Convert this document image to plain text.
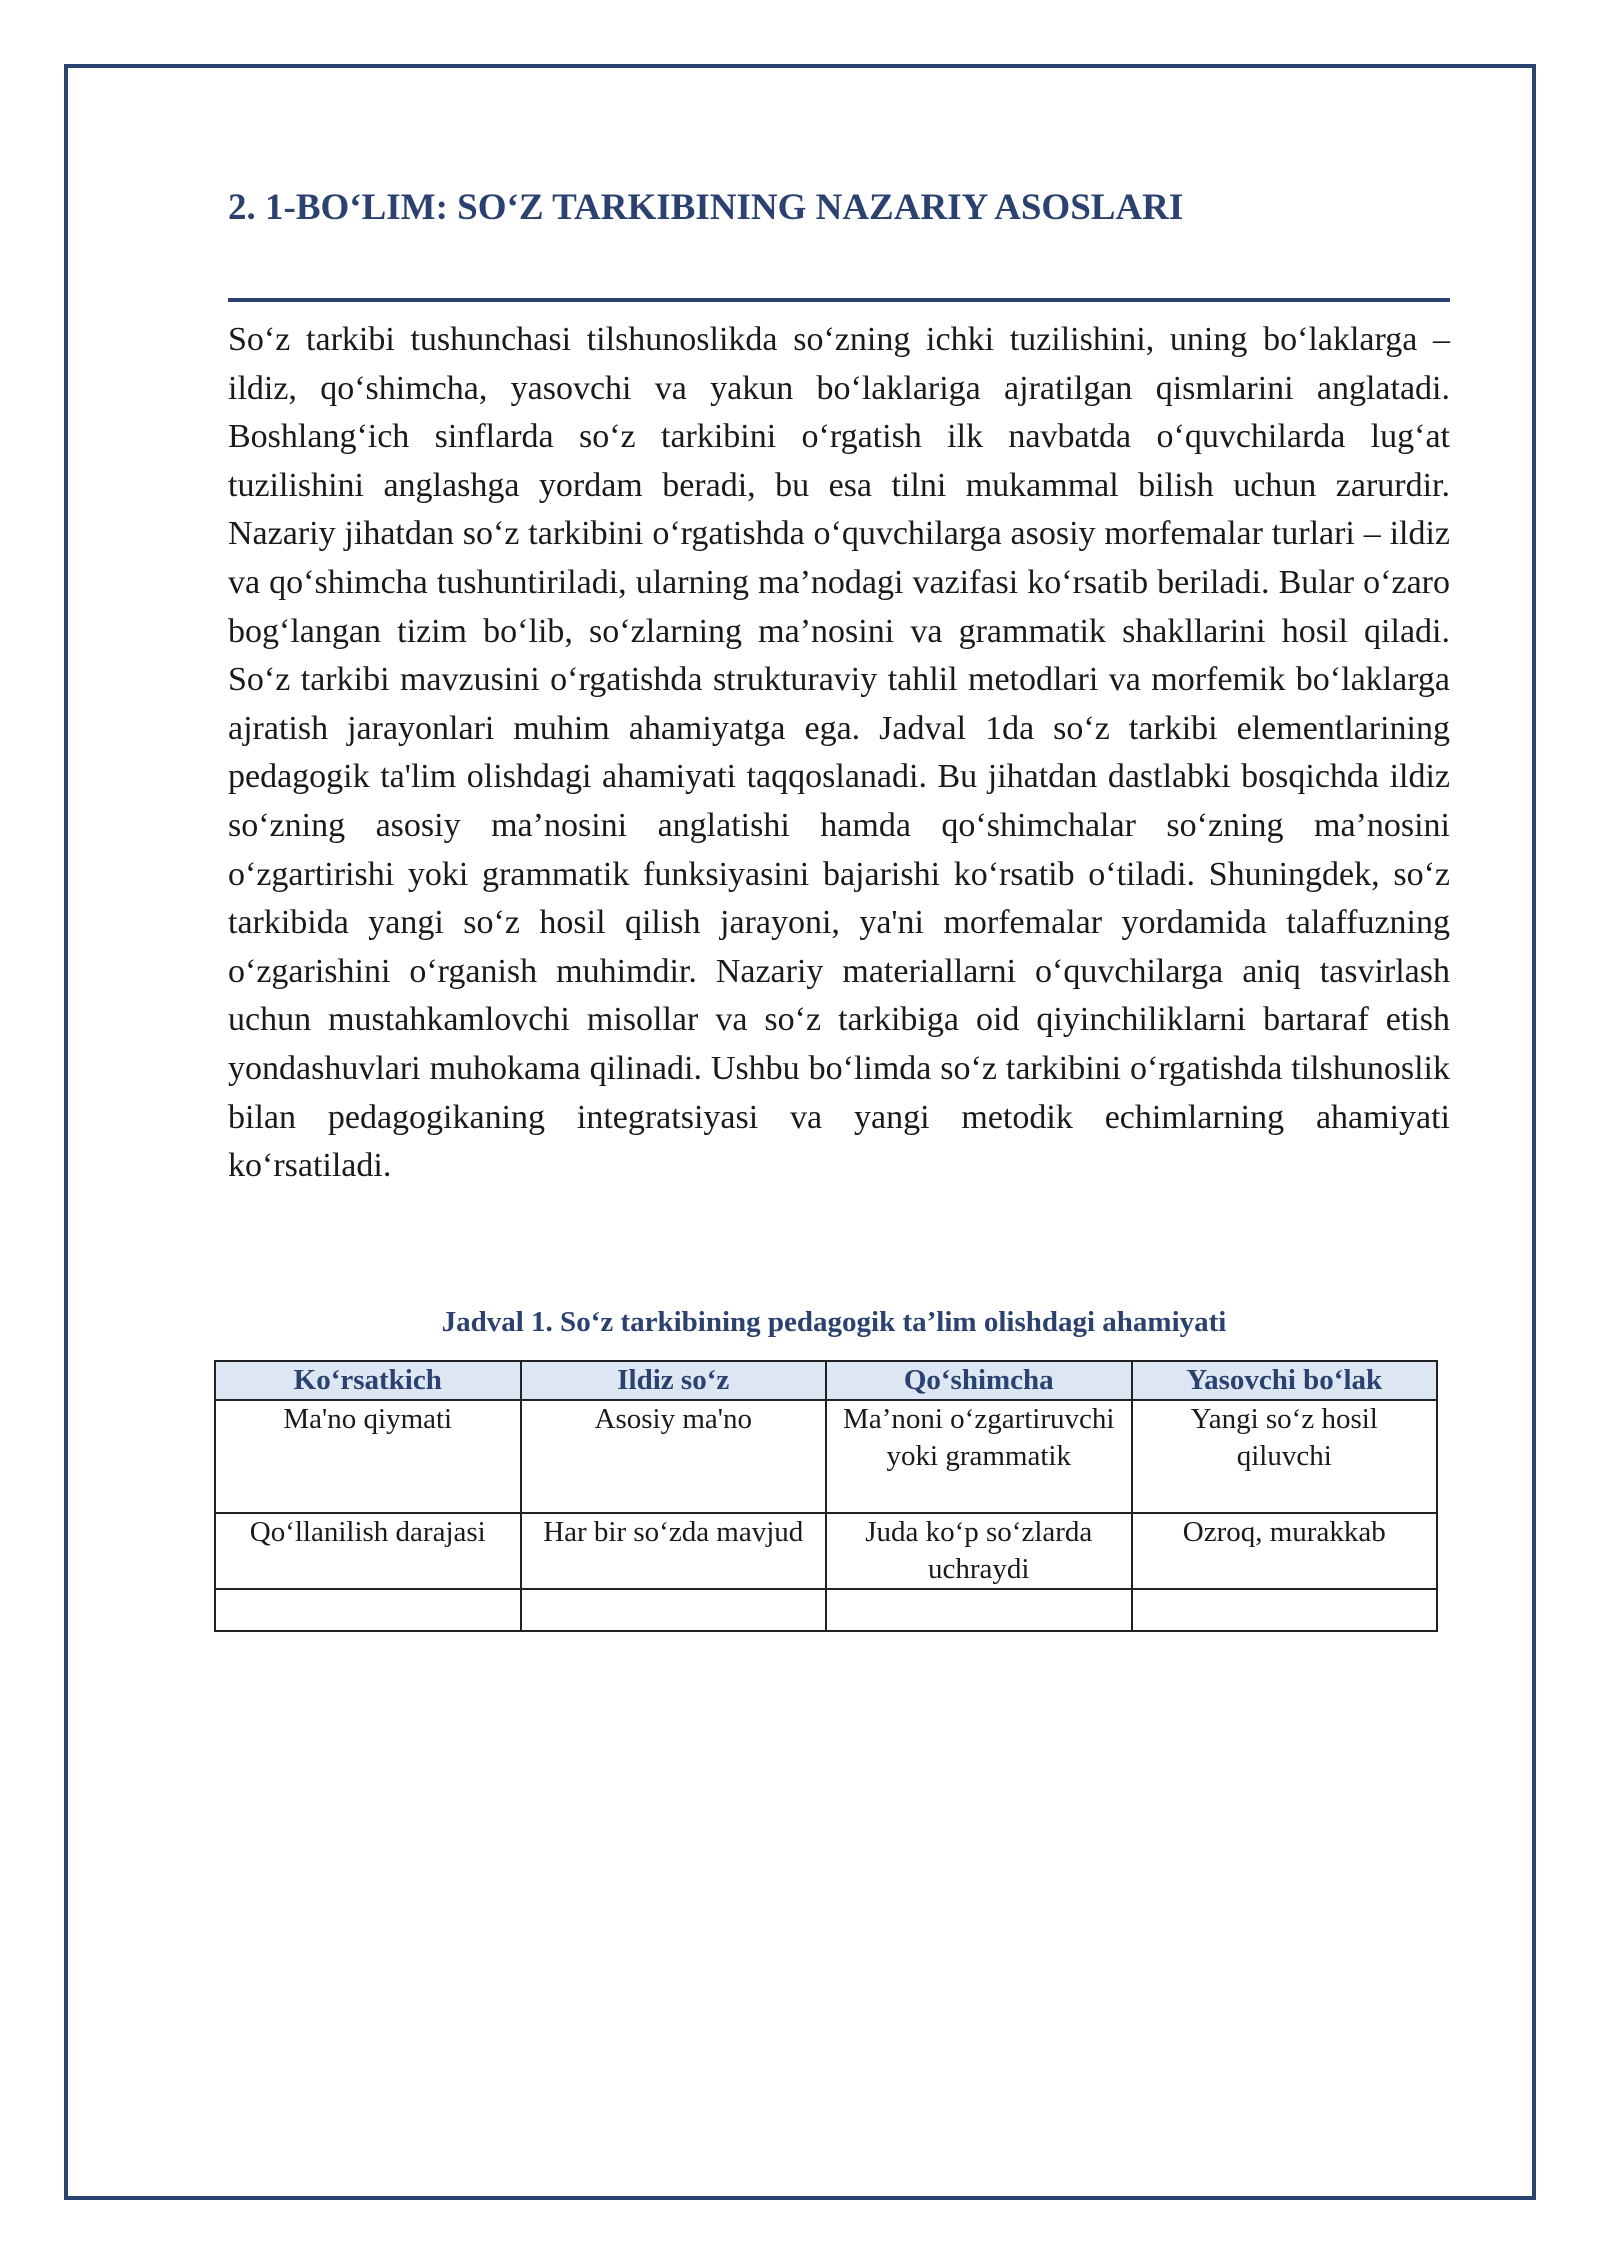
2. 1-BO‘LIM: SO‘Z TARKIBINING NAZARIY ASOSLARI

So‘z tarkibi tushunchasi tilshunoslikda so‘zning ichki tuzilishini, uning bo‘laklarga – ildiz, qo‘shimcha, yasovchi va yakun bo‘laklariga ajratilgan qismlarini anglatadi. Boshlang‘ich sinflarda so‘z tarkibini o‘rgatish ilk navbatda o‘quvchilarda lug‘at tuzilishini anglashga yordam beradi, bu esa tilni mukammal bilish uchun zarurdir. Nazariy jihatdan so‘z tarkibini o‘rgatishda o‘quvchilarga asosiy morfemalar turlari – ildiz va qo‘shimcha tushuntiriladi, ularning ma’nodagi vazifasi ko‘rsatib beriladi. Bular o‘zaro bog‘langan tizim bo‘lib, so‘zlarning ma’nosini va grammatik shakllarini hosil qiladi. So‘z tarkibi mavzusini o‘rgatishda strukturaviy tahlil metodlari va morfemik bo‘laklarga ajratish jarayonlari muhim ahamiyatga ega. Jadval 1da so‘z tarkibi elementlarining pedagogik ta'lim olishdagi ahamiyati taqqoslanadi. Bu jihatdan dastlabki bosqichda ildiz so‘zning asosiy ma’nosini anglatishi hamda qo‘shimchalar so‘zning ma’nosini o‘zgartirishi yoki grammatik funksiyasini bajarishi ko‘rsatib o‘tiladi. Shuningdek, so‘z tarkibida yangi so‘z hosil qilish jarayoni, ya'ni morfemalar yordamida talaffuzning o‘zgarishini o‘rganish muhimdir. Nazariy materiallarni o‘quvchilarga aniq tasvirlash uchun mustahkamlovchi misollar va so‘z tarkibiga oid qiyinchiliklarni bartaraf etish yondashuvlari muhokama qilinadi. Ushbu bo‘limda so‘z tarkibini o‘rgatishda tilshunoslik bilan pedagogikaning integratsiyasi va yangi metodik echimlarning ahamiyati ko‘rsatiladi.

Jadval 1. So‘z tarkibining pedagogik ta’lim olishdagi ahamiyati

Ko‘rsatkich	Ildiz so‘z	Qo‘shimcha	Yasovchi bo‘lak
Ma'no qiymati	Asosiy ma'no	Ma’noni o‘zgartiruvchi yoki grammatik	Yangi so‘z hosil qiluvchi
Qo‘llanilish darajasi	Har bir so‘zda mavjud	Juda ko‘p so‘zlarda uchraydi	Ozroq, murakkab
